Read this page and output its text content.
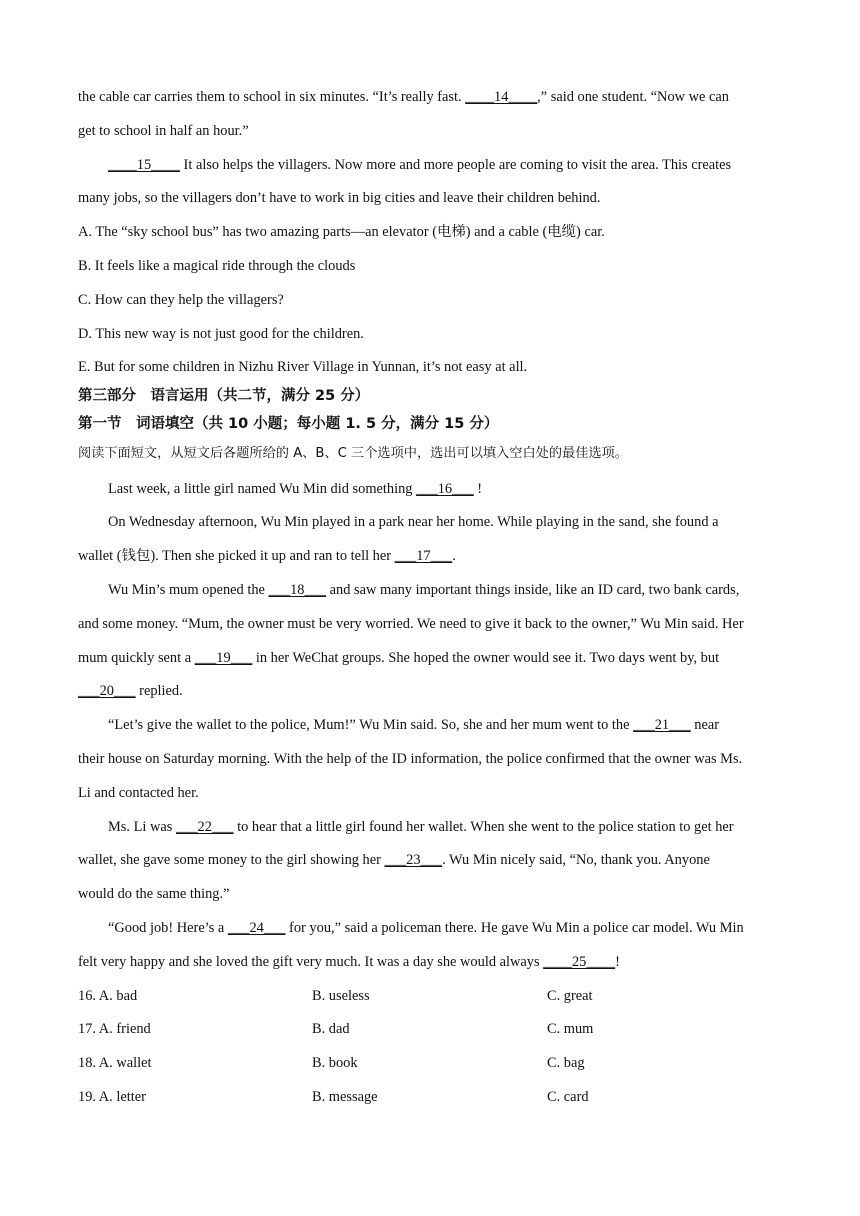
the cable car carries them to school in six minutes. “It’s really fast. ____14____,” said one student. “Now we can
get to school in half an hour.”
____15____ It also helps the villagers. Now more and more people are coming to visit the area. This creates
many jobs, so the villagers don’t have to work in big cities and leave their children behind.
A. The “sky school bus” has two amazing parts—an elevator (电梯) and a cable (电缆) car.
B. It feels like a magical ride through the clouds
C. How can they help the villagers?
D. This new way is not just good for the children.
E. But for some children in Nizhu River Village in Yunnan, it’s not easy at all.
第三部分　语言运用（共二节，满分 25 分）
第一节　词语填空（共 10 小题；每小题 1. 5 分，满分 15 分）
阅读下面短文，从短文后各题所给的 A、B、C 三个选项中，选出可以填入空白处的最佳选项。
Last week, a little girl named Wu Min did something ___16___ !
On Wednesday afternoon, Wu Min played in a park near her home. While playing in the sand, she found a
wallet (钱包). Then she picked it up and ran to tell her ___17___.
Wu Min’s mum opened the ___18___ and saw many important things inside, like an ID card, two bank cards,
and some money. “Mum, the owner must be very worried. We need to give it back to the owner,” Wu Min said. Her
mum quickly sent a ___19___ in her WeChat groups. She hoped the owner would see it. Two days went by, but
___20___ replied.
“Let’s give the wallet to the police, Mum!” Wu Min said. So, she and her mum went to the ___21___ near
their house on Saturday morning. With the help of the ID information, the police confirmed that the owner was Ms.
Li and contacted her.
Ms. Li was ___22___ to hear that a little girl found her wallet. When she went to the police station to get her
wallet, she gave some money to the girl showing her ___23___. Wu Min nicely said, “No, thank you. Anyone
would do the same thing.”
“Good job! Here’s a ___24___ for you,” said a policeman there. He gave Wu Min a police car model. Wu Min
felt very happy and she loved the gift very much. It was a day she would always ____25____!
16. A. bad	B. useless	C. great
17. A. friend	B. dad	C. mum
18. A. wallet	B. book	C. bag
19. A. letter	B. message	C. card
